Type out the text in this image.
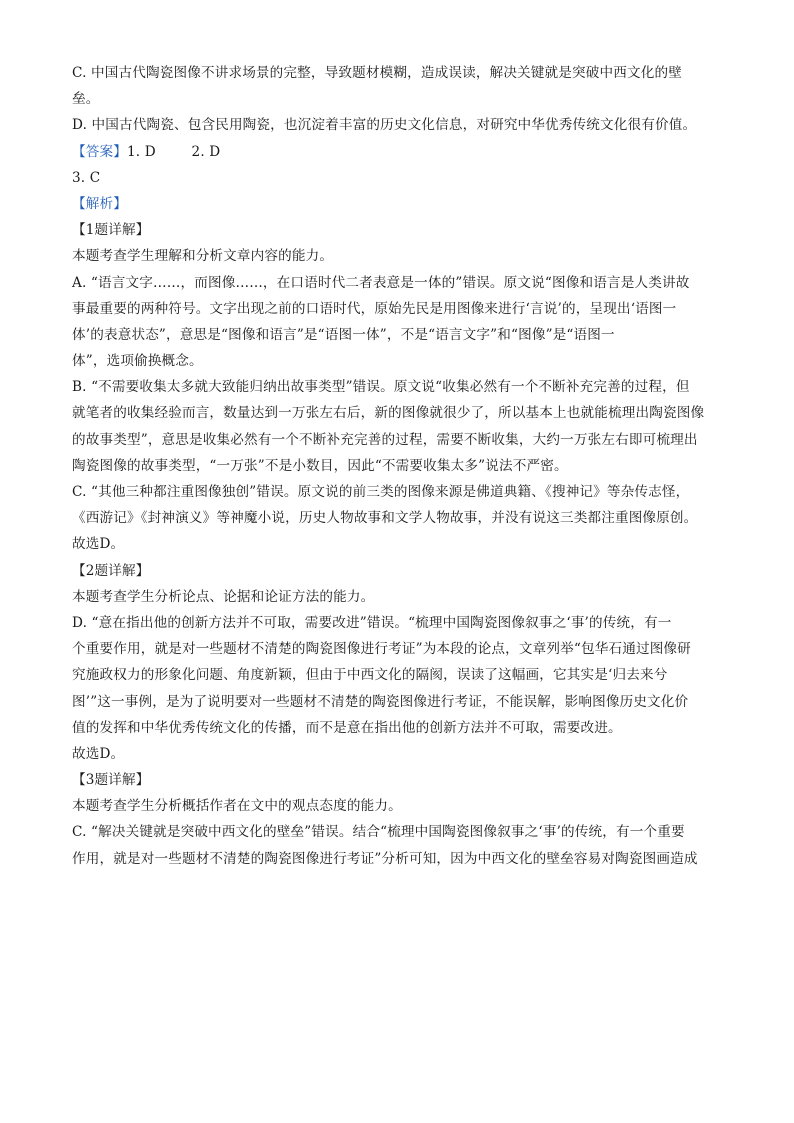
C. 中国古代陶瓷图像不讲求场景的完整，导致题材模糊，造成误读，解决关键就是突破中西文化的壁
垒。
D. 中国古代陶瓷、包含民用陶瓷，也沉淀着丰富的历史文化信息，对研究中华优秀传统文化很有价值。
【答案】1. D        2. D
3. C
【解析】
【1题详解】
本题考查学生理解和分析文章内容的能力。
A. “语言文字……，而图像……，在口语时代二者表意是一体的”错误。原文说“图像和语言是人类讲故
事最重要的两种符号。文字出现之前的口语时代，原始先民是用图像来进行‘言说’的，呈现出‘语图一
体’的表意状态”，意思是“图像和语言”是“语图一体”，不是“语言文字”和“图像”是“语图一
体”，选项偷换概念。
B. “不需要收集太多就大致能归纳出故事类型”错误。原文说“收集必然有一个不断补充完善的过程，但
就笔者的收集经验而言，数量达到一万张左右后，新的图像就很少了，所以基本上也就能梳理出陶瓷图像
的故事类型”，意思是收集必然有一个不断补充完善的过程，需要不断收集，大约一万张左右即可梳理出
陶瓷图像的故事类型，“一万张”不是小数目，因此“不需要收集太多”说法不严密。
C. “其他三种都注重图像独创”错误。原文说的前三类的图像来源是佛道典籍、《搜神记》等杂传志怪，
《西游记》《封神演义》等神魔小说，历史人物故事和文学人物故事，并没有说这三类都注重图像原创。
故选D。
【2题详解】
本题考查学生分析论点、论据和论证方法的能力。
D. “意在指出他的创新方法并不可取，需要改进”错误。“梳理中国陶瓷图像叙事之‘事’的传统，有一
个重要作用，就是对一些题材不清楚的陶瓷图像进行考证”为本段的论点，文章列举“包华石通过图像研
究施政权力的形象化问题、角度新颖，但由于中西文化的隔阂，误读了这幅画，它其实是‘归去来兮
图’”这一事例，是为了说明要对一些题材不清楚的陶瓷图像进行考证，不能误解，影响图像历史文化价
值的发挥和中华优秀传统文化的传播，而不是意在指出他的创新方法并不可取，需要改进。
故选D。
【3题详解】
本题考查学生分析概括作者在文中的观点态度的能力。
C. “解决关键就是突破中西文化的壁垒”错误。结合“梳理中国陶瓷图像叙事之‘事’的传统，有一个重要
作用，就是对一些题材不清楚的陶瓷图像进行考证”分析可知，因为中西文化的壁垒容易对陶瓷图画造成
